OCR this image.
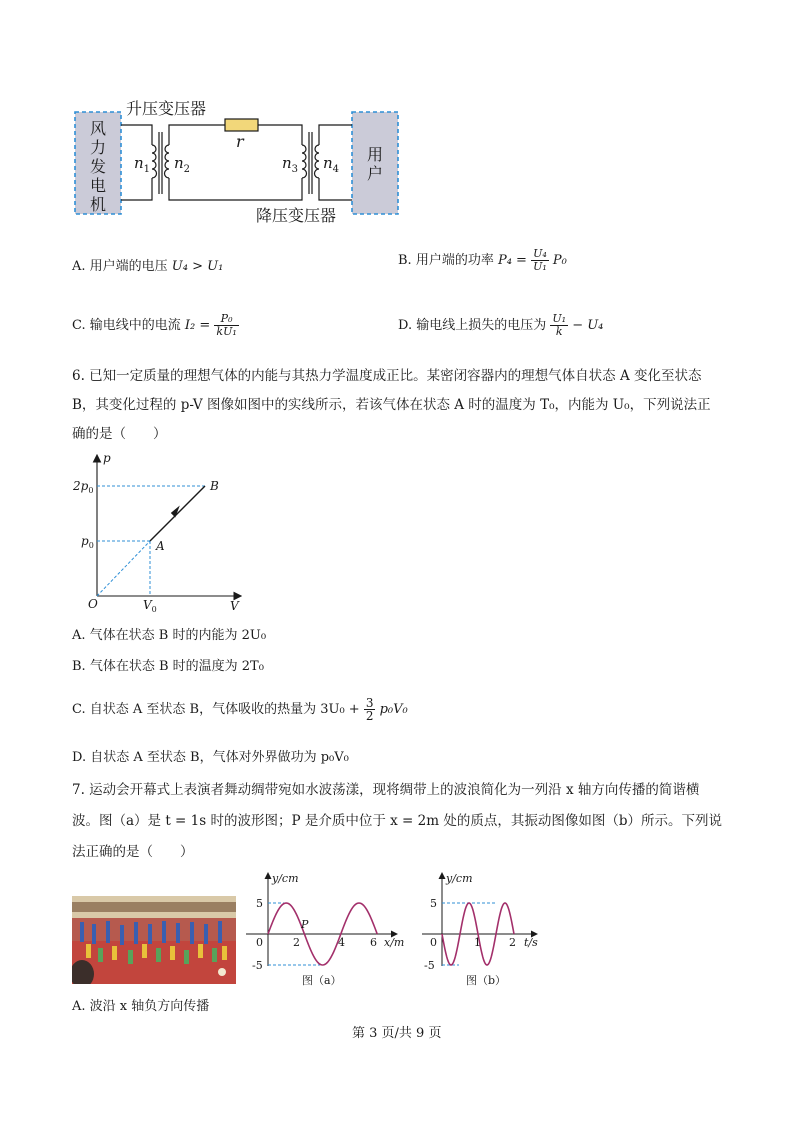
r
升压变压器
降压变压器
风
力
发
电
机
用
户
$n_1$ $n_2$	$n_3$ $n_4$
A. 用户端的电压 U₄ > U₁	B. 用户端的功率 $P_4 = \frac{\text{U₄}}{\text{U₁}} P_0$
C. 输电线中的电流 $I_2 = \frac{\text{P₀}}{\text{kU₁}}$	D. 输电线上损失的电压为 $\frac{\text{U₁}}{k} - U_4$
6. 已知一定质量的理想气体的内能与其热力学温度成正比。某密闭容器内的理想气体自状态 A 变化至状态
B，其变化过程的 p-V 图像如图中的实线所示，若该气体在状态 A 时的温度为 T₀，内能为 U₀，下列说法正
确的是（　　）
p
V
O
$2p_0$
$p_0$
$V_0$
A
B
A. 气体在状态 B 时的内能为 2U₀
B. 气体在状态 B 时的温度为 2T₀
C. 自状态 A 至状态 B，气体吸收的热量为 $3U_0 + \frac{3}{2} p_0V_0$
D. 自状态 A 至状态 B，气体对外界做功为 p₀V₀
7. 运动会开幕式上表演者舞动绸带宛如水波荡漾，现将绸带上的波浪简化为一列沿 x 轴方向传播的简谐横
波。图（a）是 t = 1s 时的波形图；P 是介质中位于 x = 2m 处的质点，其振动图像如图（b）所示。下列说
法正确的是（　　）
y/cm
x/m
5
-5
0	2	4 6
P
图（a）
y/cm
t/s
5
-5
0	1	2
图（b）
A. 波沿 x 轴负方向传播
第 3 页/共 9 页
